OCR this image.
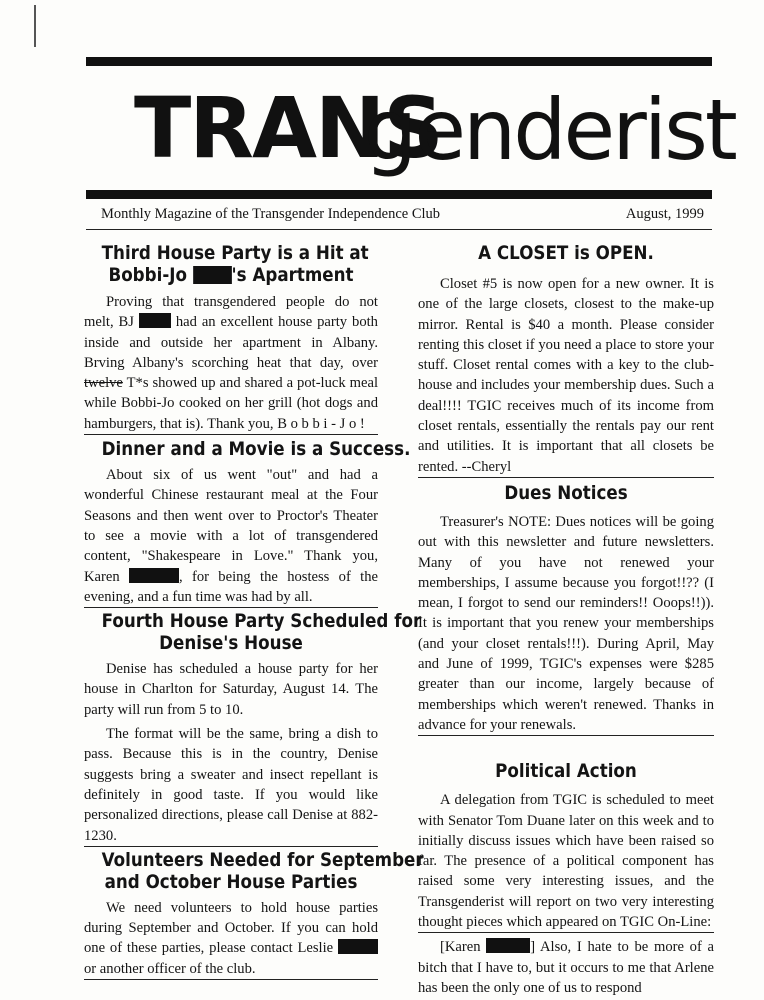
TRANS
genderist
Monthly Magazine of the Transgender Independence Club	August, 1999
Third House Party is a Hit at
Bobbi-Jo 's Apartment

Proving that transgendered people do not melt, BJ	had an excellent house party both inside and outside her apartment in Albany. Brving Albany's scorching heat that day, over twelve T*s showed up and shared a pot-luck meal while Bobbi-Jo cooked on her grill (hot dogs and hamburgers, that is). Thank you, B o b b i - J o !

Dinner and a Movie is a Success.

About six of us went "out" and had a wonderful Chinese restaurant meal at the Four Seasons and then went over to Proctor's Theater to see a movie with a lot of transgendered content, "Shakespeare in Love." Thank you, Karen	, for being the hostess of the evening, and a fun time was had by all.

Fourth House Party Scheduled for
Denise's House

Denise has scheduled a house party for her house in Charlton for Saturday, August 14. The party will run from 5 to 10.

The format will be the same, bring a dish to pass. Because this is in the country, Denise suggests bring a sweater and insect repellant is definitely in good taste. If you would like personalized directions, please call Denise at 882-1230.

Volunteers Needed for September
and October House Parties

We need volunteers to hold house parties during September and October. If you can hold one of these parties, please contact Leslie  or another officer of the club.

A CLOSET is OPEN.

Closet #5 is now open for a new owner. It is one of the large closets, closest to the make-up mirror. Rental is $40 a month. Please consider renting this closet if you need a place to store your stuff. Closet rental comes with a key to the club-house and includes your membership dues. Such a deal!!!! TGIC receives much of its income from closet rentals, essentially the rentals pay our rent and utilities. It is important that all closets be rented. --Cheryl

Dues Notices

Treasurer's NOTE: Dues notices will be going out with this newsletter and future newsletters. Many of you have not renewed your memberships, I assume because you forgot!!?? (I mean, I forgot to send our reminders!! Ooops!!)). It is important that you renew your memberships (and your closet rentals!!!). During April, May and June of 1999, TGIC's expenses were $285 greater than our income, largely because of memberships which weren't renewed. Thanks in advance for your renewals.

Political Action

A delegation from TGIC is scheduled to meet with Senator Tom Duane later on this week and to initially discuss issues which have been raised so far. The presence of a political component has raised some very interesting issues, and the Transgenderist will report on two very interesting thought pieces which appeared on TGIC On-Line:

[Karen	] Also, I hate to be more of a bitch that I have to, but it occurs to me that Arlene has been the only one of us to respond
